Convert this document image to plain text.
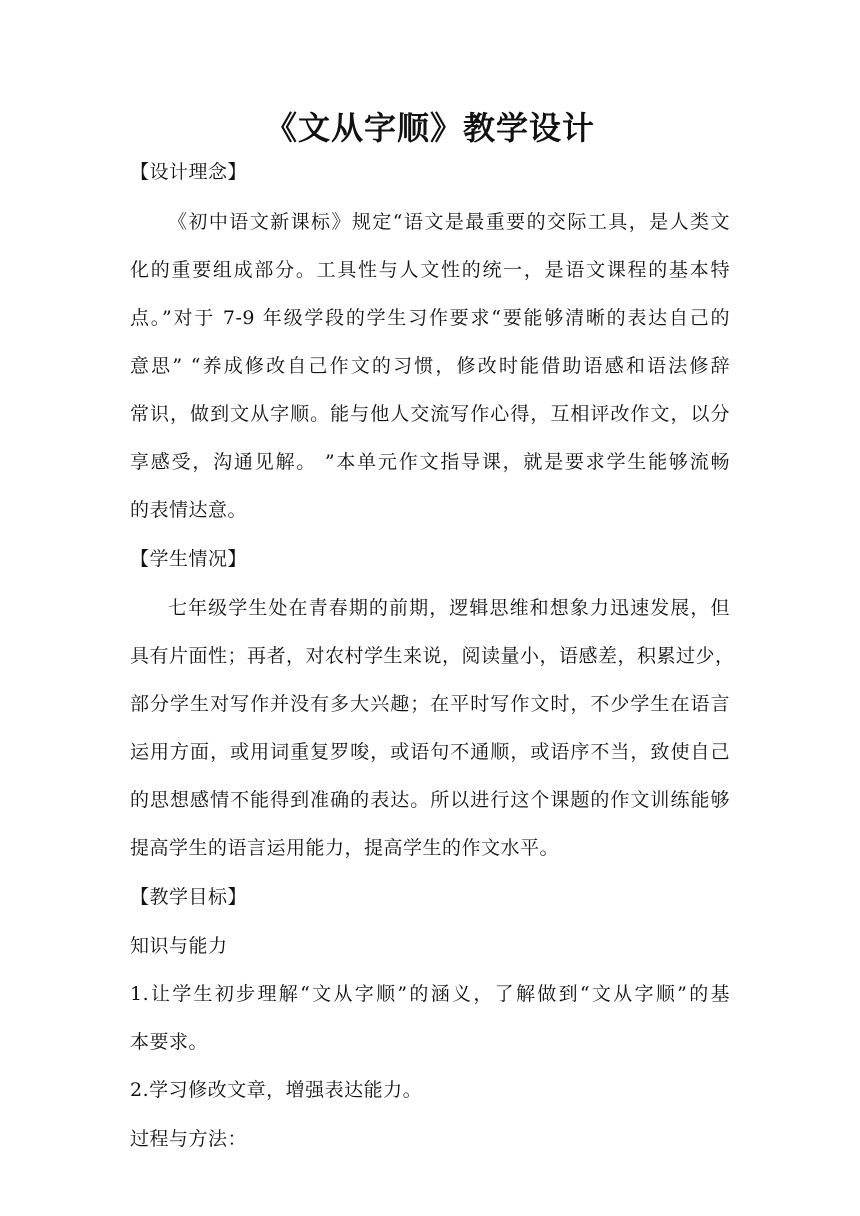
《文从字顺》教学设计
【设计理念】
《初中语文新课标》规定“语文是最重要的交际工具，是人类文
化的重要组成部分。工具性与人文性的统一，是语文课程的基本特
点。”对于 7-9 年级学段的学生习作要求“要能够清晰的表达自己的
意思” “养成修改自己作文的习惯，修改时能借助语感和语法修辞
常识，做到文从字顺。能与他人交流写作心得，互相评改作文，以分
享感受，沟通见解。 ”本单元作文指导课，就是要求学生能够流畅
的表情达意。
【学生情况】
七年级学生处在青春期的前期，逻辑思维和想象力迅速发展，但
具有片面性；再者，对农村学生来说，阅读量小，语感差，积累过少，
部分学生对写作并没有多大兴趣；在平时写作文时，不少学生在语言
运用方面，或用词重复罗唆，或语句不通顺，或语序不当，致使自己
的思想感情不能得到准确的表达。所以进行这个课题的作文训练能够
提高学生的语言运用能力，提高学生的作文水平。
【教学目标】
知识与能力
1.让学生初步理解“文从字顺”的涵义，了解做到“文从字顺”的基
本要求。
2.学习修改文章，增强表达能力。
过程与方法：
